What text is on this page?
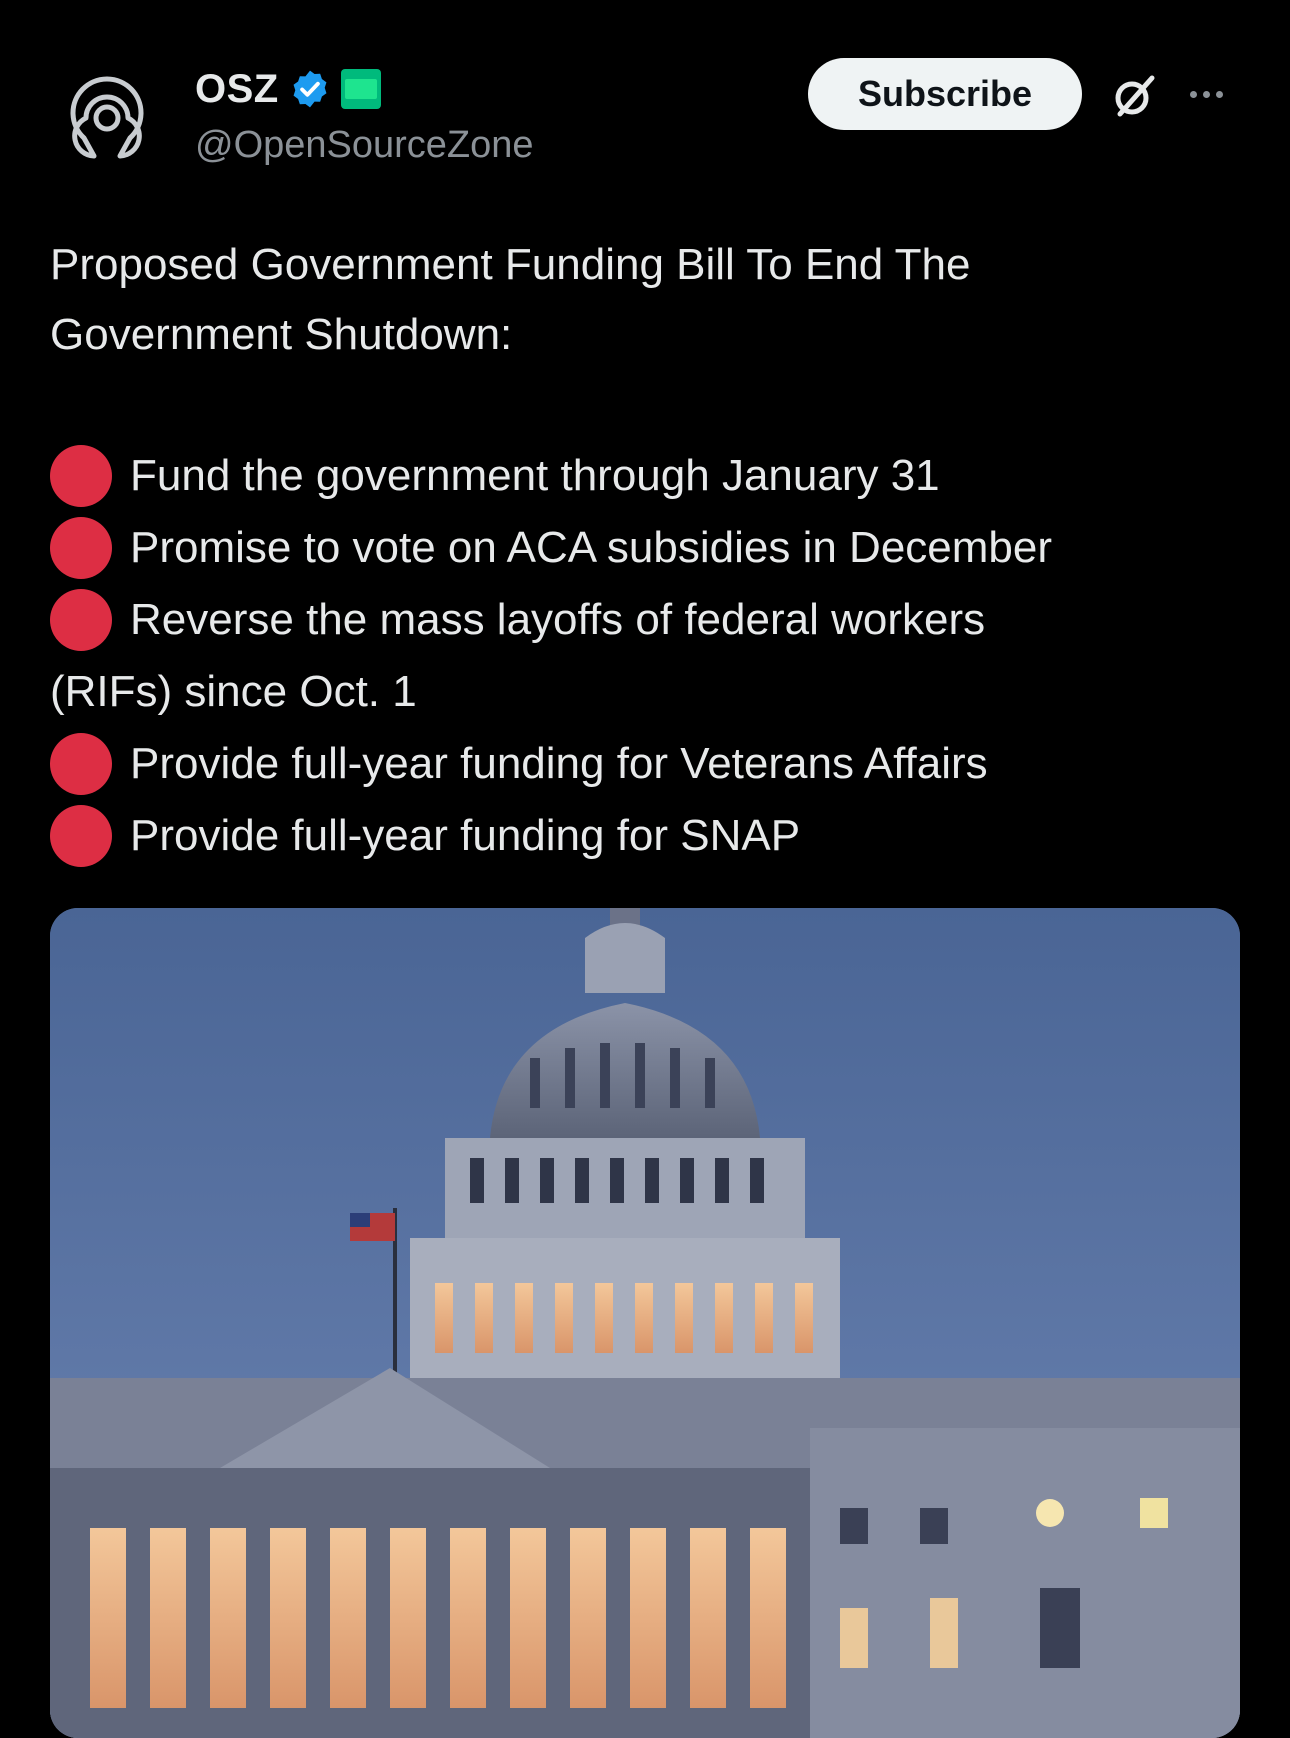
OSZ
@OpenSourceZone
Subscribe
Proposed Government Funding Bill To End The
Government Shutdown:
Fund the government through January 31
Promise to vote on ACA subsidies in December
Reverse the mass layoffs of federal workers
(RIFs) since Oct. 1
Provide full-year funding for Veterans Affairs
Provide full-year funding for SNAP
